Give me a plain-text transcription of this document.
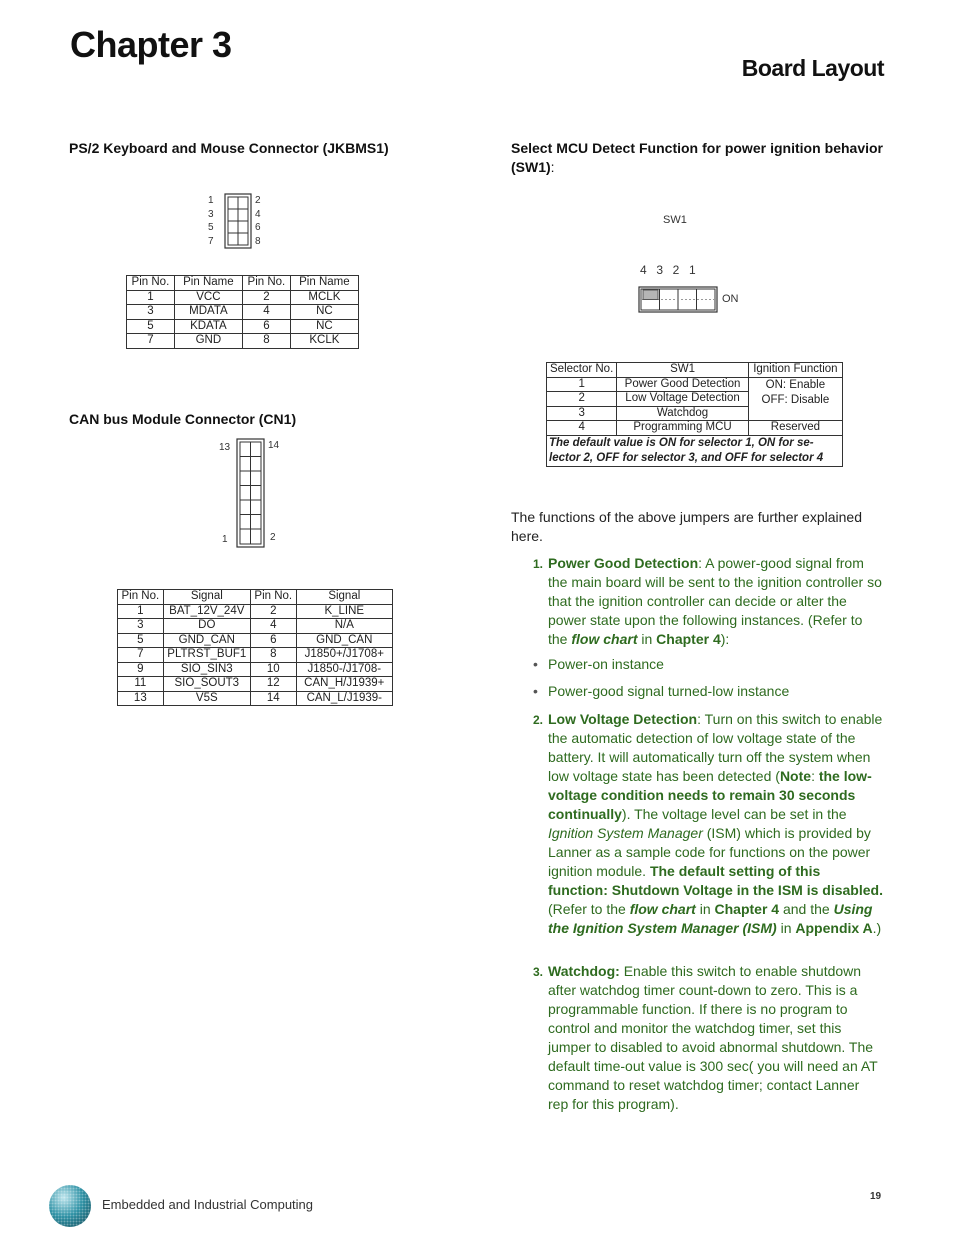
Chapter 3
Board Layout
PS/2 Keyboard and Mouse Connector (JKBMS1)
1
3
5
7
2
4
6
8
Pin No.	Pin Name	Pin No.	Pin Name
1	VCC	2	MCLK
3	MDATA	4	NC
5	KDATA	6	NC
7	GND	8	KCLK
CAN bus Module Connector (CN1)
13	14
1	2
Pin No.	Signal	Pin No.	Signal
1	BAT_12V_24V	2	K_LINE
3	DO	4	N/A
5	GND_CAN	6	GND_CAN
7	PLTRST_BUF1	8	J1850+/J1708+
9	SIO_SIN3	10	J1850-/J1708-
11	SIO_SOUT3	12	CAN_H/J1939+
13	V5S	14	CAN_L/J1939-
Select MCU Detect Function for power ignition behavior (SW1):
SW1
4  3  2  1
ON
Selector No.	SW1	Ignition Function
1	Power Good Detection	ON: Enable
OFF: Disable

2	Low Voltage Detection	
3	Watchdog	
4	Programming MCU	Reserved
The default value is ON for selector 1, ON for se-lector 2, OFF for selector 3, and OFF for selector 4		
The functions of the above jumpers are further explained here.
1. Power Good Detection: A power-good signal from the main board will be sent to the ignition controller so that the ignition controller can decide or alter the power state upon the following instances. (Refer to the flow chart in Chapter 4):
• Power-on instance
• Power-good signal turned-low instance
2. Low Voltage Detection: Turn on this switch to enable the automatic detection of low voltage state of the battery. It will automatically turn off the system when low voltage state has been detected (Note: the low-voltage condition needs to remain 30 seconds continually). The voltage level can be set in the Ignition System Manager (ISM) which is provided by Lanner as a sample code for functions on the power ignition module. The default setting of this function: Shutdown Voltage in the ISM is disabled. (Refer to the flow chart in Chapter 4 and the Using the Ignition System Manager (ISM) in Appendix A.)
3. Watchdog: Enable this switch to enable shutdown after watchdog timer count-down to zero. This is a programmable function. If there is no program to control and monitor the watchdog timer, set this jumper to disabled to avoid abnormal shutdown. The default time-out value is 300 sec( you will need an AT command to reset watchdog timer; contact Lanner rep for this program).
Embedded and Industrial Computing
19
